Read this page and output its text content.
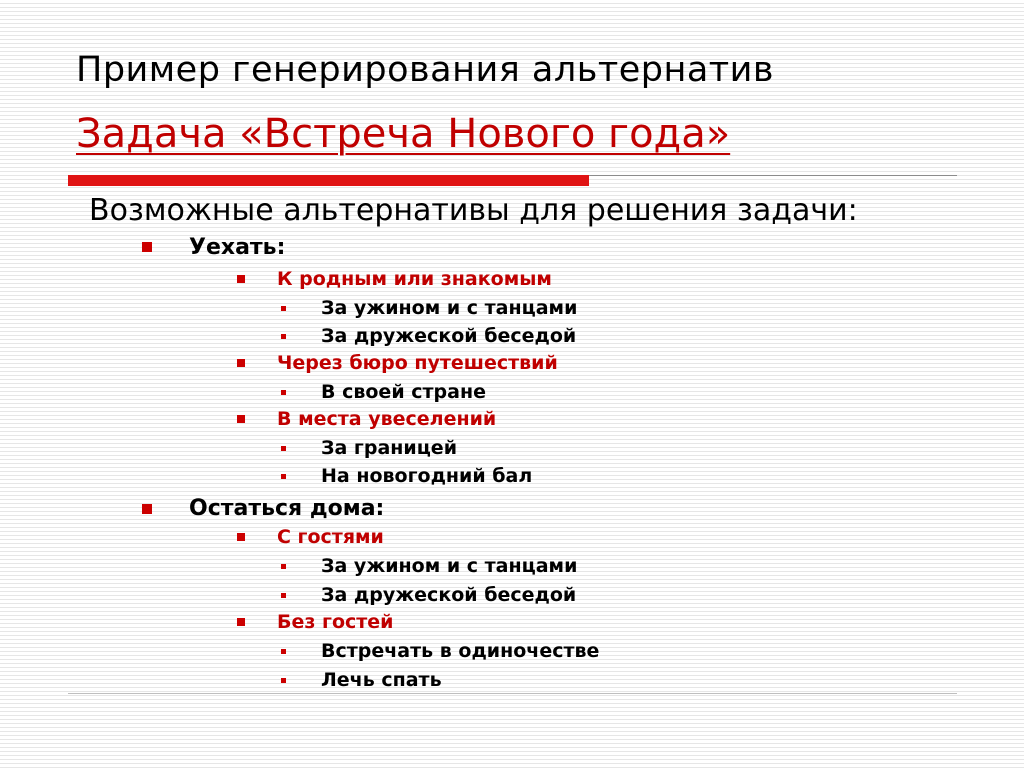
Пример генерирования альтернатив
Задача «Встреча Нового года»
Возможные альтернативы для решения задачи:
Уехать:
К родным или знакомым
За ужином и с танцами
За дружеской беседой
Через бюро путешествий
В своей стране
В места увеселений
За границей
На новогодний бал
Остаться дома:
С гостями
За ужином и с танцами
За дружеской беседой
Без гостей
Встречать в одиночестве
Лечь спать
